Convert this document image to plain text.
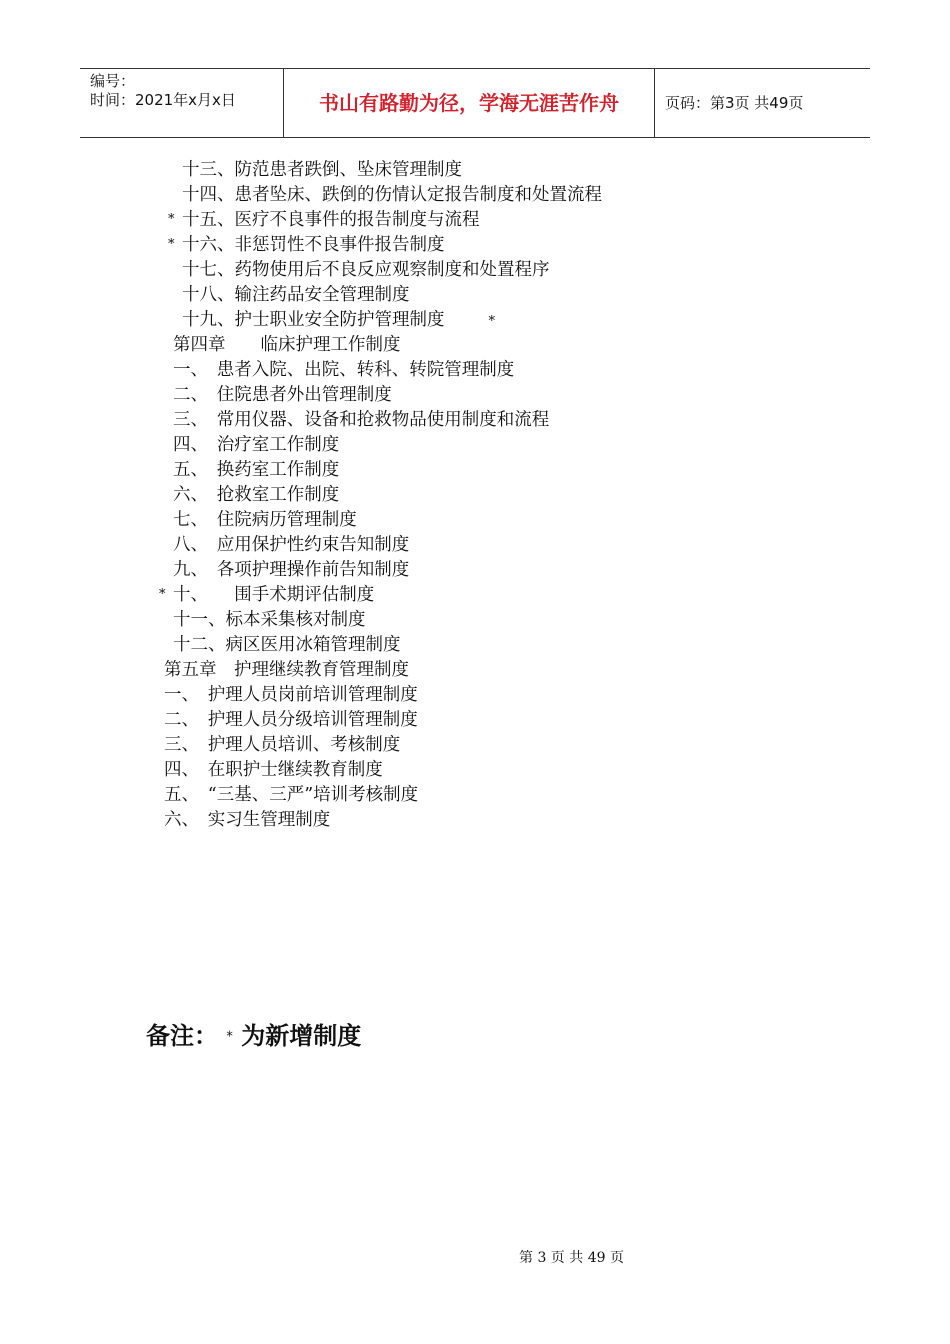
编号：
时间：2021年x月x日	书山有路勤为径，学海无涯苦作舟	页码：第3页 共49页
十三、防范患者跌倒、坠床管理制度
十四、患者坠床、跌倒的伤情认定报告制度和处置流程
* 十五、医疗不良事件的报告制度与流程
* 十六、非惩罚性不良事件报告制度
十七、药物使用后不良反应观察制度和处置程序
十八、输注药品安全管理制度
十九、护士职业安全防护管理制度	*
第四章　　临床护理工作制度
一、　患者入院、出院、转科、转院管理制度
二、　住院患者外出管理制度
三、　常用仪器、设备和抢救物品使用制度和流程
四、　治疗室工作制度
五、　换药室工作制度
六、　抢救室工作制度
七、　住院病历管理制度
八、　应用保护性约束告知制度
九、　各项护理操作前告知制度
* 十、　　围手术期评估制度
十一、标本采集核对制度
十二、病区医用冰箱管理制度
第五章　护理继续教育管理制度
一、　护理人员岗前培训管理制度
二、　护理人员分级培训管理制度
三、　护理人员培训、考核制度
四、　在职护士继续教育制度
五、　“三基、三严”培训考核制度
六、　实习生管理制度
备注： * 为新增制度
第 3 页 共 49 页
